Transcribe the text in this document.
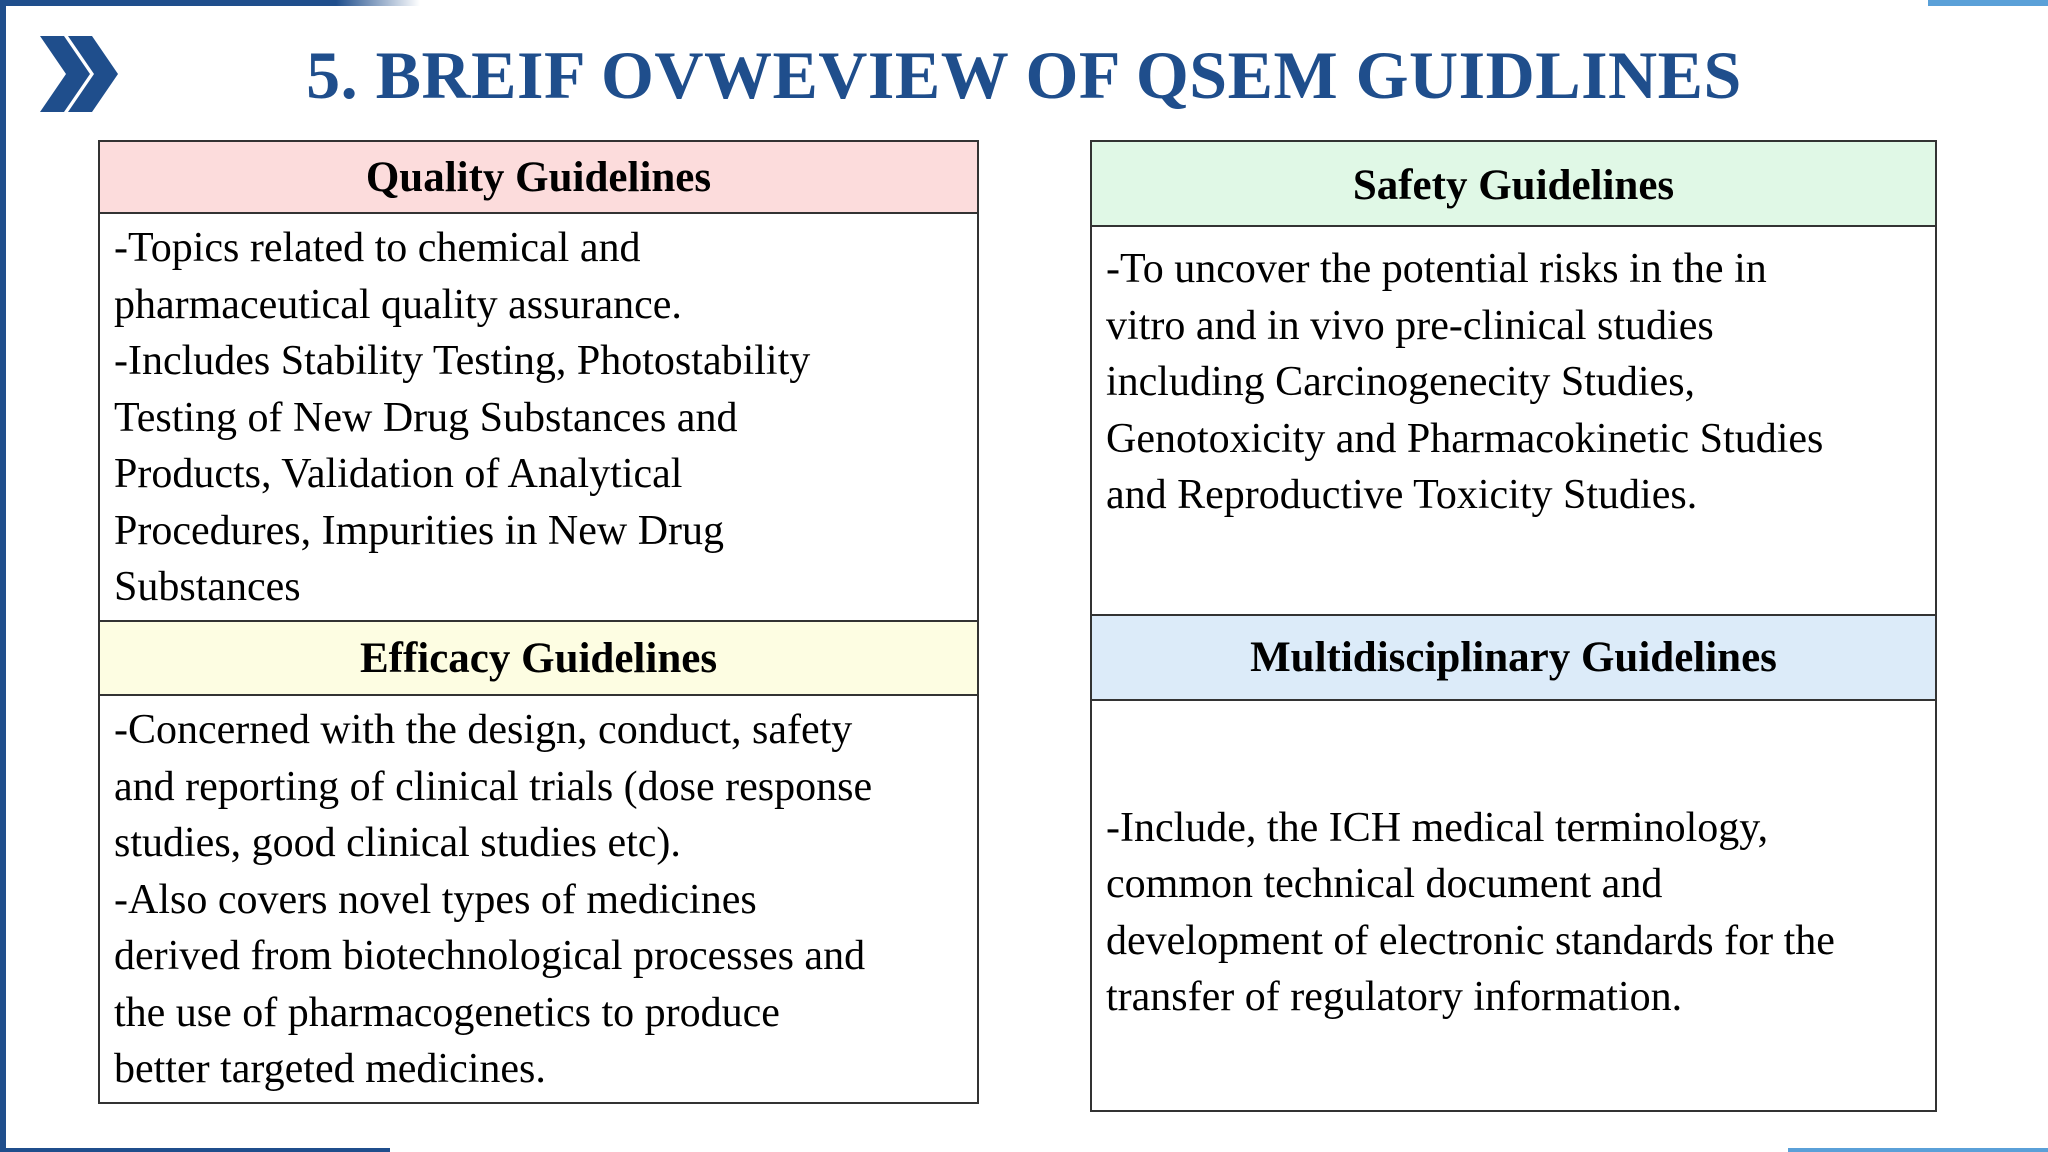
5. BREIF OVWEVIEW OF QSEM GUIDLINES
Quality Guidelines
-Topics related to chemical and
pharmaceutical quality assurance.
-Includes Stability Testing, Photostability
Testing of New Drug Substances and
Products, Validation of Analytical
Procedures, Impurities in New Drug
Substances
Efficacy Guidelines
-Concerned with the design, conduct, safety
and reporting of clinical trials (dose response
studies, good clinical studies etc).
-Also covers novel types of medicines
derived from biotechnological processes and
the use of pharmacogenetics to produce
better targeted medicines.
Safety Guidelines
-To uncover the potential risks in the in
vitro and in vivo pre-clinical studies
including Carcinogenecity Studies,
Genotoxicity and Pharmacokinetic Studies
and Reproductive Toxicity Studies.
Multidisciplinary Guidelines
-Include, the ICH medical terminology,
common technical document and
development of electronic standards for the
transfer of regulatory information.
